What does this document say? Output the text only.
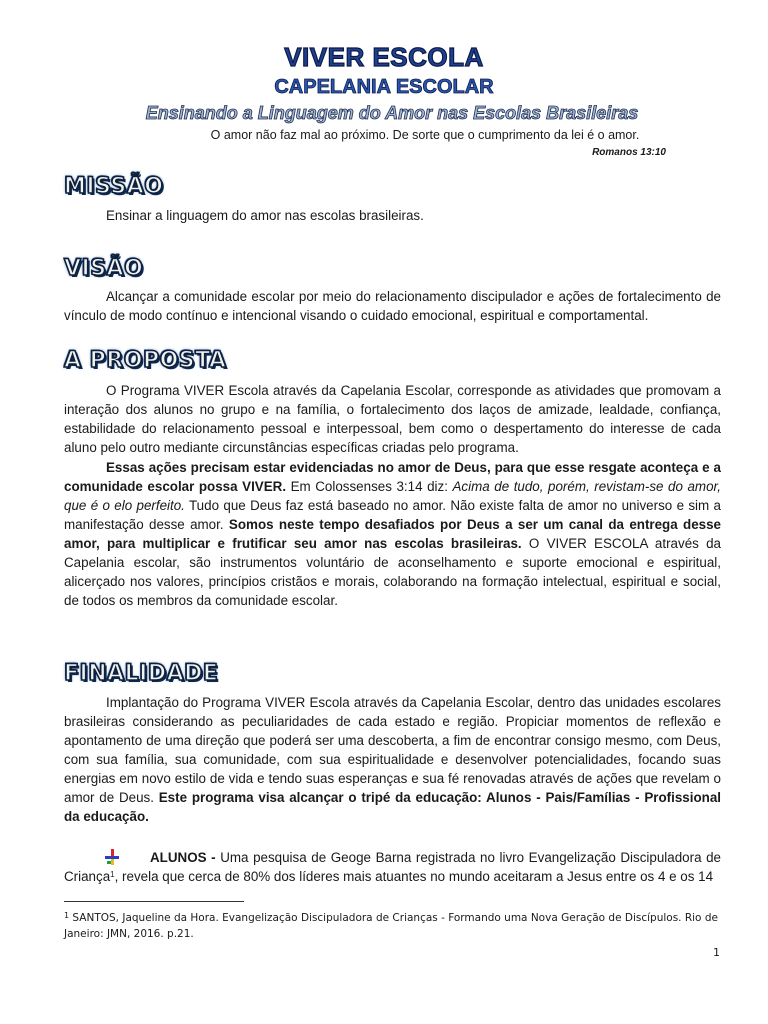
VIVER ESCOLA
CAPELANIA ESCOLAR
Ensinando a Linguagem do Amor nas Escolas Brasileiras
O amor não faz mal ao próximo. De sorte que o cumprimento da lei é o amor.
Romanos 13:10
MISSÃO
Ensinar a linguagem do amor nas escolas brasileiras.
VISÃO
Alcançar a comunidade escolar por meio do relacionamento discipulador e ações de fortalecimento de vínculo de modo contínuo e intencional visando o cuidado emocional, espiritual e comportamental.
A PROPOSTA
O Programa VIVER Escola através da Capelania Escolar, corresponde as atividades que promovam a interação dos alunos no grupo e na família, o fortalecimento dos laços de amizade, lealdade, confiança, estabilidade do relacionamento pessoal e interpessoal, bem como o despertamento do interesse de cada aluno pelo outro mediante circunstâncias específicas criadas pelo programa.
Essas ações precisam estar evidenciadas no amor de Deus, para que esse resgate aconteça e a comunidade escolar possa VIVER. Em Colossenses 3:14 diz: Acima de tudo, porém, revistam-se do amor, que é o elo perfeito. Tudo que Deus faz está baseado no amor. Não existe falta de amor no universo e sim a manifestação desse amor. Somos neste tempo desafiados por Deus a ser um canal da entrega desse amor, para multiplicar e frutificar seu amor nas escolas brasileiras. O VIVER ESCOLA através da Capelania escolar, são instrumentos voluntário de aconselhamento e suporte emocional e espiritual, alicerçado nos valores, princípios cristãos e morais, colaborando na formação intelectual, espiritual e social, de todos os membros da comunidade escolar.
FINALIDADE
Implantação do Programa VIVER Escola através da Capelania Escolar, dentro das unidades escolares brasileiras considerando as peculiaridades de cada estado e região. Propiciar momentos de reflexão e apontamento de uma direção que poderá ser uma descoberta, a fim de encontrar consigo mesmo, com Deus, com sua família, sua comunidade, com sua espiritualidade e desenvolver potencialidades, focando suas energias em novo estilo de vida e tendo suas esperanças e sua fé renovadas através de ações que revelam o amor de Deus. Este programa visa alcançar o tripé da educação: Alunos - Pais/Famílias - Profissional da educação.
ALUNOS - Uma pesquisa de Geoge Barna registrada no livro Evangelização Discipuladora de Criança$^1$, revela que cerca de 80% dos líderes mais atuantes no mundo aceitaram a Jesus entre os 4 e os 14
$^1$ SANTOS, Jaqueline da Hora. Evangelização Discipuladora de Crianças - Formando uma Nova Geração de Discípulos. Rio de Janeiro: JMN, 2016. p.21.
1
